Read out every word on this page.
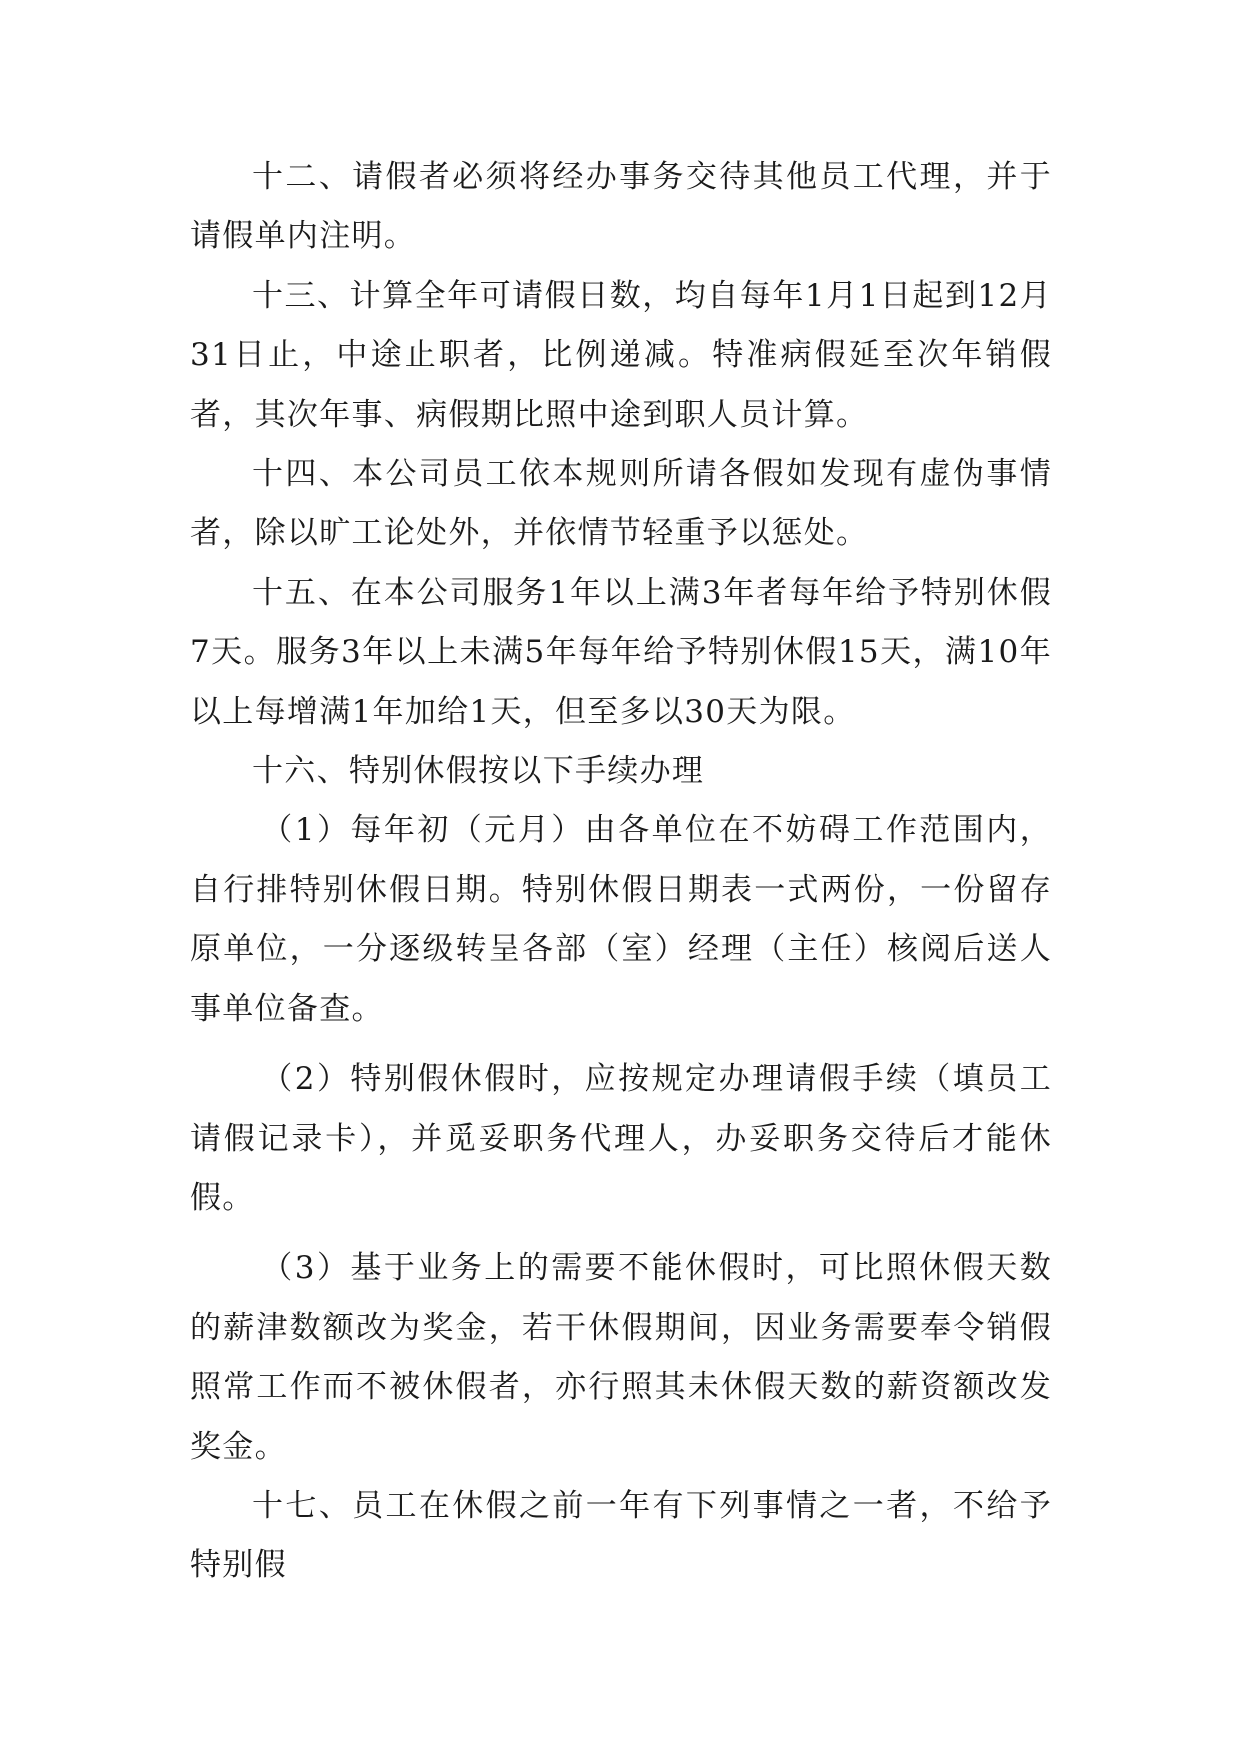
十二、请假者必须将经办事务交待其他员工代理，并于请假单内注明。

十三、计算全年可请假日数，均自每年1月1日起到12月31日止，中途止职者，比例递减。特准病假延至次年销假者，其次年事、病假期比照中途到职人员计算。

十四、本公司员工依本规则所请各假如发现有虚伪事情者，除以旷工论处外，并依情节轻重予以惩处。

十五、在本公司服务1年以上满3年者每年给予特别休假7天。服务3年以上未满5年每年给予特别休假15天，满10年以上每增满1年加给1天，但至多以30天为限。

十六、特别休假按以下手续办理

（1）每年初（元月）由各单位在不妨碍工作范围内，自行排特别休假日期。特别休假日期表一式两份，一份留存原单位，一分逐级转呈各部（室）经理（主任）核阅后送人事单位备查。

（2）特别假休假时，应按规定办理请假手续（填员工请假记录卡），并觅妥职务代理人，办妥职务交待后才能休假。

（3）基于业务上的需要不能休假时，可比照休假天数的薪津数额改为奖金，若干休假期间，因业务需要奉令销假照常工作而不被休假者，亦行照其未休假天数的薪资额改发奖金。

十七、员工在休假之前一年有下列事情之一者，不给予特别假
